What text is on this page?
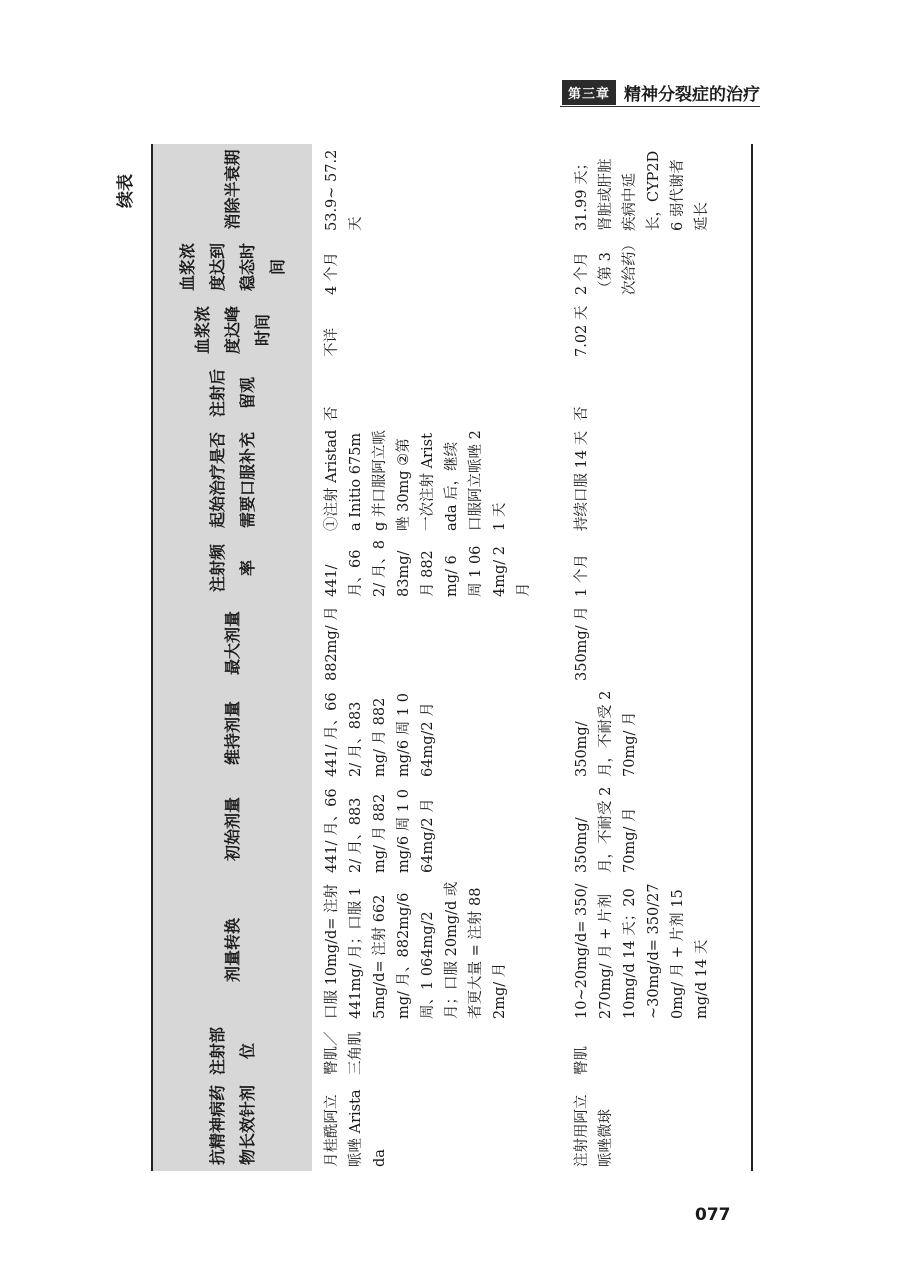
第三章 精神分裂症的治疗
续表
抗精神病药物长效针剂	注射部位	剂量转换	初始剂量	维持剂量	最大剂量	注射频率	起始治疗是否需要口服补充	注射后留观	血浆浓度达峰时间	血浆浓度达到稳态时间	消除半衰期
月桂酰阿立哌唑 Aristada	臀肌／三角肌	口服 10mg/d= 注射 441mg/ 月；口服 15mg/d= 注射 662mg/ 月、882mg/6 周、1 064mg/2 月；口服 20mg/d 或者更大量 = 注射 882mg/ 月	441/ 月、662/ 月、883mg/ 月 882mg/6 周 1 064mg/2 月	441/ 月、662/ 月、883mg/ 月 882mg/6 周 1 064mg/2 月	882mg/ 月	441/ 月、662/ 月、883mg/ 月 882mg/ 6 周 1 064mg/ 2 月	①注射 Aristada Initio 675mg 并口服阿立哌唑 30mg ②第一次注射 Aristada 后，继续口服阿立哌唑 21 天	否	不详	4 个月	53.9~ 57.2 天
注射用阿立哌唑微球	臀肌	10~20mg/d= 350/270mg/ 月 + 片剂 10mg/d 14 天；20~30mg/d= 350/270mg/ 月 + 片剂 15mg/d 14 天	350mg/ 月，不耐受 270mg/ 月	350mg/ 月，不耐受 270mg/ 月	350mg/ 月	1 个月	持续口服 14 天	否	7.02 天	2 个月（第 3 次给药）	31.99 天；肾脏或肝脏疾病中延长，CYP2D6 弱代谢者延长
077
